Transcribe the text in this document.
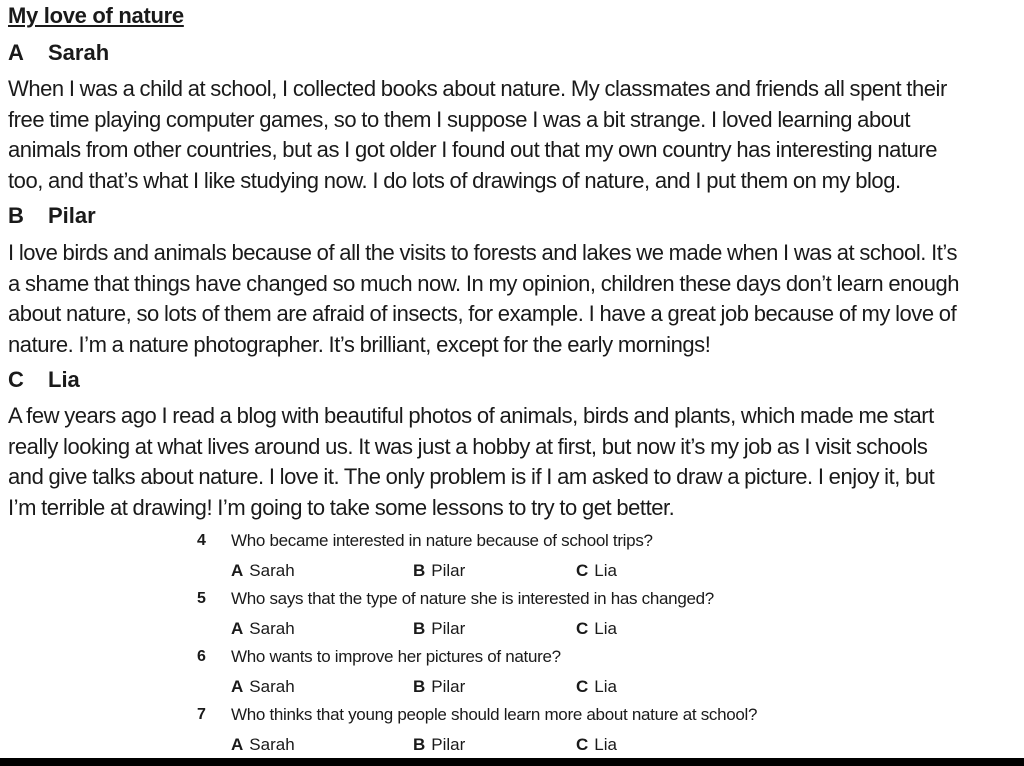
My love of nature
A Sarah
When I was a child at school, I collected books about nature. My classmates and friends all spent their
free time playing computer games, so to them I suppose I was a bit strange. I loved learning about
animals from other countries, but as I got older I found out that my own country has interesting nature
too, and that’s what I like studying now. I do lots of drawings of nature, and I put them on my blog.
B Pilar
I love birds and animals because of all the visits to forests and lakes we made when I was at school. It’s
a shame that things have changed so much now. In my opinion, children these days don’t learn enough
about nature, so lots of them are afraid of insects, for example. I have a great job because of my love of
nature. I’m a nature photographer. It’s brilliant, except for the early mornings!
C Lia
A few years ago I read a blog with beautiful photos of animals, birds and plants, which made me start
really looking at what lives around us. It was just a hobby at first, but now it’s my job as I visit schools
and give talks about nature. I love it. The only problem is if I am asked to draw a picture. I enjoy it, but
I’m terrible at drawing! I’m going to take some lessons to try to get better.
4 Who became interested in nature because of school trips?
A Sarah	B Pilar	C Lia
5 Who says that the type of nature she is interested in has changed?
A Sarah	B Pilar	C Lia
6 Who wants to improve her pictures of nature?
A Sarah	B Pilar	C Lia
7 Who thinks that young people should learn more about nature at school?
A Sarah	B Pilar	C Lia
